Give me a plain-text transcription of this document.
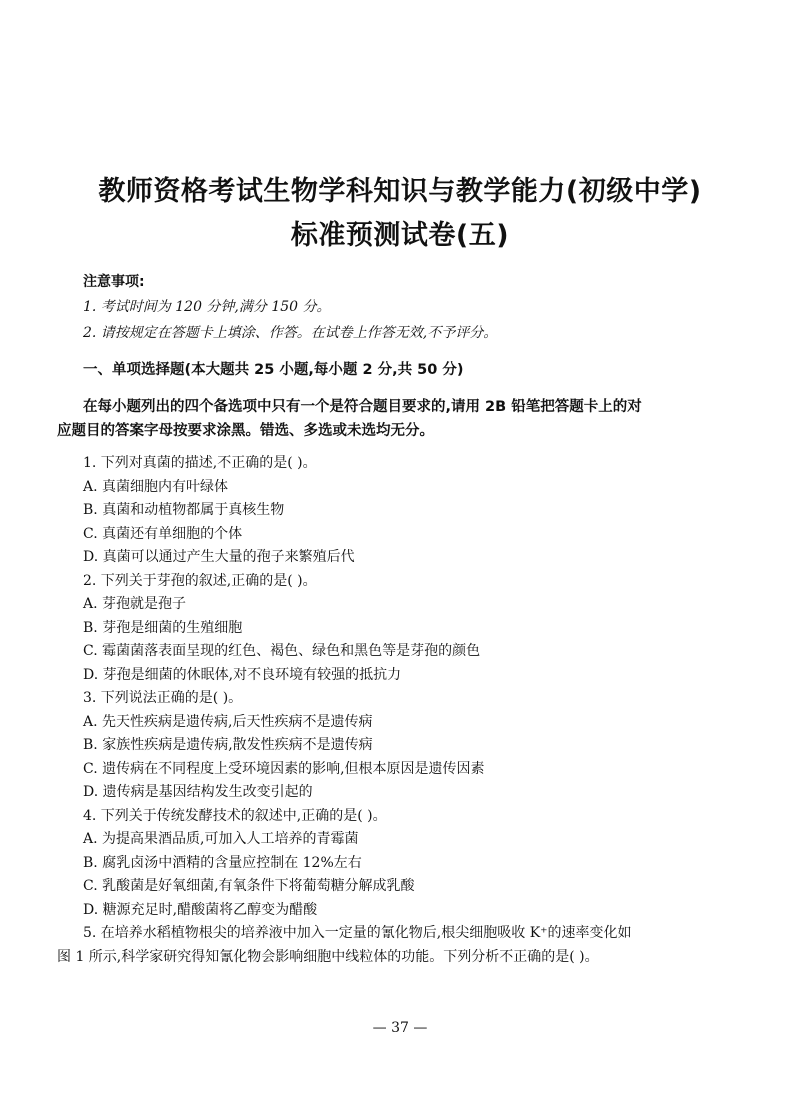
教师资格考试生物学科知识与教学能力(初级中学)
标准预测试卷(五)
注意事项:
1. 考试时间为 120 分钟,满分 150 分。
2. 请按规定在答题卡上填涂、作答。在试卷上作答无效,不予评分。
一、单项选择题(本大题共 25 小题,每小题 2 分,共 50 分)
在每小题列出的四个备选项中只有一个是符合题目要求的,请用 2B 铅笔把答题卡上的对
应题目的答案字母按要求涂黑。错选、多选或未选均无分。
1. 下列对真菌的描述,不正确的是( )。
A. 真菌细胞内有叶绿体
B. 真菌和动植物都属于真核生物
C. 真菌还有单细胞的个体
D. 真菌可以通过产生大量的孢子来繁殖后代
2. 下列关于芽孢的叙述,正确的是( )。
A. 芽孢就是孢子
B. 芽孢是细菌的生殖细胞
C. 霉菌菌落表面呈现的红色、褐色、绿色和黑色等是芽孢的颜色
D. 芽孢是细菌的休眠体,对不良环境有较强的抵抗力
3. 下列说法正确的是( )。
A. 先天性疾病是遗传病,后天性疾病不是遗传病
B. 家族性疾病是遗传病,散发性疾病不是遗传病
C. 遗传病在不同程度上受环境因素的影响,但根本原因是遗传因素
D. 遗传病是基因结构发生改变引起的
4. 下列关于传统发酵技术的叙述中,正确的是( )。
A. 为提高果酒品质,可加入人工培养的青霉菌
B. 腐乳卤汤中酒精的含量应控制在 12%左右
C. 乳酸菌是好氧细菌,有氧条件下将葡萄糖分解成乳酸
D. 糖源充足时,醋酸菌将乙醇变为醋酸
5. 在培养水稻植物根尖的培养液中加入一定量的氰化物后,根尖细胞吸收 K⁺的速率变化如
图 1 所示,科学家研究得知氰化物会影响细胞中线粒体的功能。下列分析不正确的是( )。
— 37 —
